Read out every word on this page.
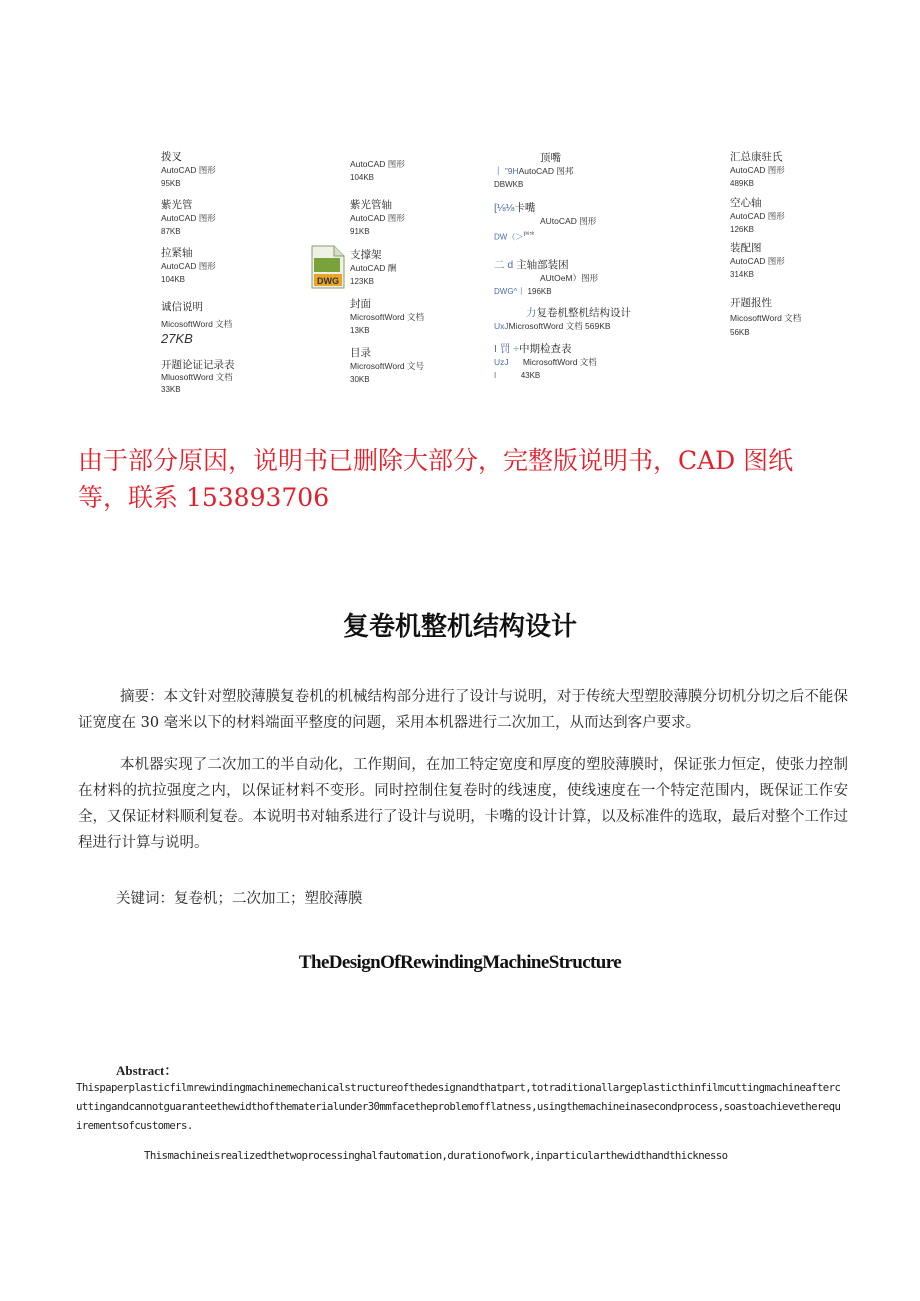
拨叉
AutoCAD 图形
95KB
紫光管
AutoCAD 图形
87KB
拉紧轴
AutoCAD 图形
104KB
诚信说明
MicosoftWord 文档
27KB
开题论证记录表
MluosoftWord 文档
33KB
AutoCAD 图形
104KB
紫光管轴
AutoCAD 图形
91KB
DWG
支撑架
AutoCAD 酬
123KB
封面
MicrosoftWord 文档
13KB
目录
MicrosoftWord 文号
30KB
顶嘴
丨 ”9HAutoCAD 图邦
DBWKB
[⅛⅛卡嘴
AUtoCAD 图形
DW（＞$^{I^{385}ᵇ}$
二 d 主轴部装困
AUtOeM）图形
DWG^丨 196KB
力复卷机整机结构设计
UxJMicrosoftWord 文档 569KB
I 罚 ÷中期检查表
UzJ MicrosoftWord 文档
I	43KB
汇总康驻氏
AutoCAD 图形
489KB
空心轴
AutoCAD 图形
126KB
装配图
AutoCAD 图形
314KB
开题报性
MicosoftWord 文档
56KB
由于部分原因，说明书已删除大部分，完整版说明书，CAD 图纸等，联系 153893706
复卷机整机结构设计
摘要：本文针对塑胶薄膜复卷机的机械结构部分进行了设计与说明，对于传统大型塑胶薄膜分切机分切之后不能保证宽度在 30 毫米以下的材料端面平整度的问题，采用本机器进行二次加工，从而达到客户要求。
本机器实现了二次加工的半自动化，工作期间，在加工特定宽度和厚度的塑胶薄膜时，保证张力恒定，使张力控制在材料的抗拉强度之内，以保证材料不变形。同时控制住复卷时的线速度，使线速度在一个特定范围内，既保证工作安全，又保证材料顺利复卷。本说明书对轴系进行了设计与说明，卡嘴的设计计算，以及标准件的选取，最后对整个工作过程进行计算与说明。
关键词：复卷机；二次加工；塑胶薄膜
TheDesignOfRewindingMachineStructure
Abstract：
Thispaperplasticfilmrewindingmachinemechanicalstructureofthedesignandthatpart,totraditionallargeplasticthinfilmcuttingmachineaftercuttingandcannotguaranteethewidthofthematerialunder30mmfacetheproblemofflatness,usingthemachineinasecondprocess,soastoachievetherequirementsofcustomers.
Thismachineisrealizedthetwoprocessinghalfautomation,durationofwork,inparticularthewidthandthicknesso
